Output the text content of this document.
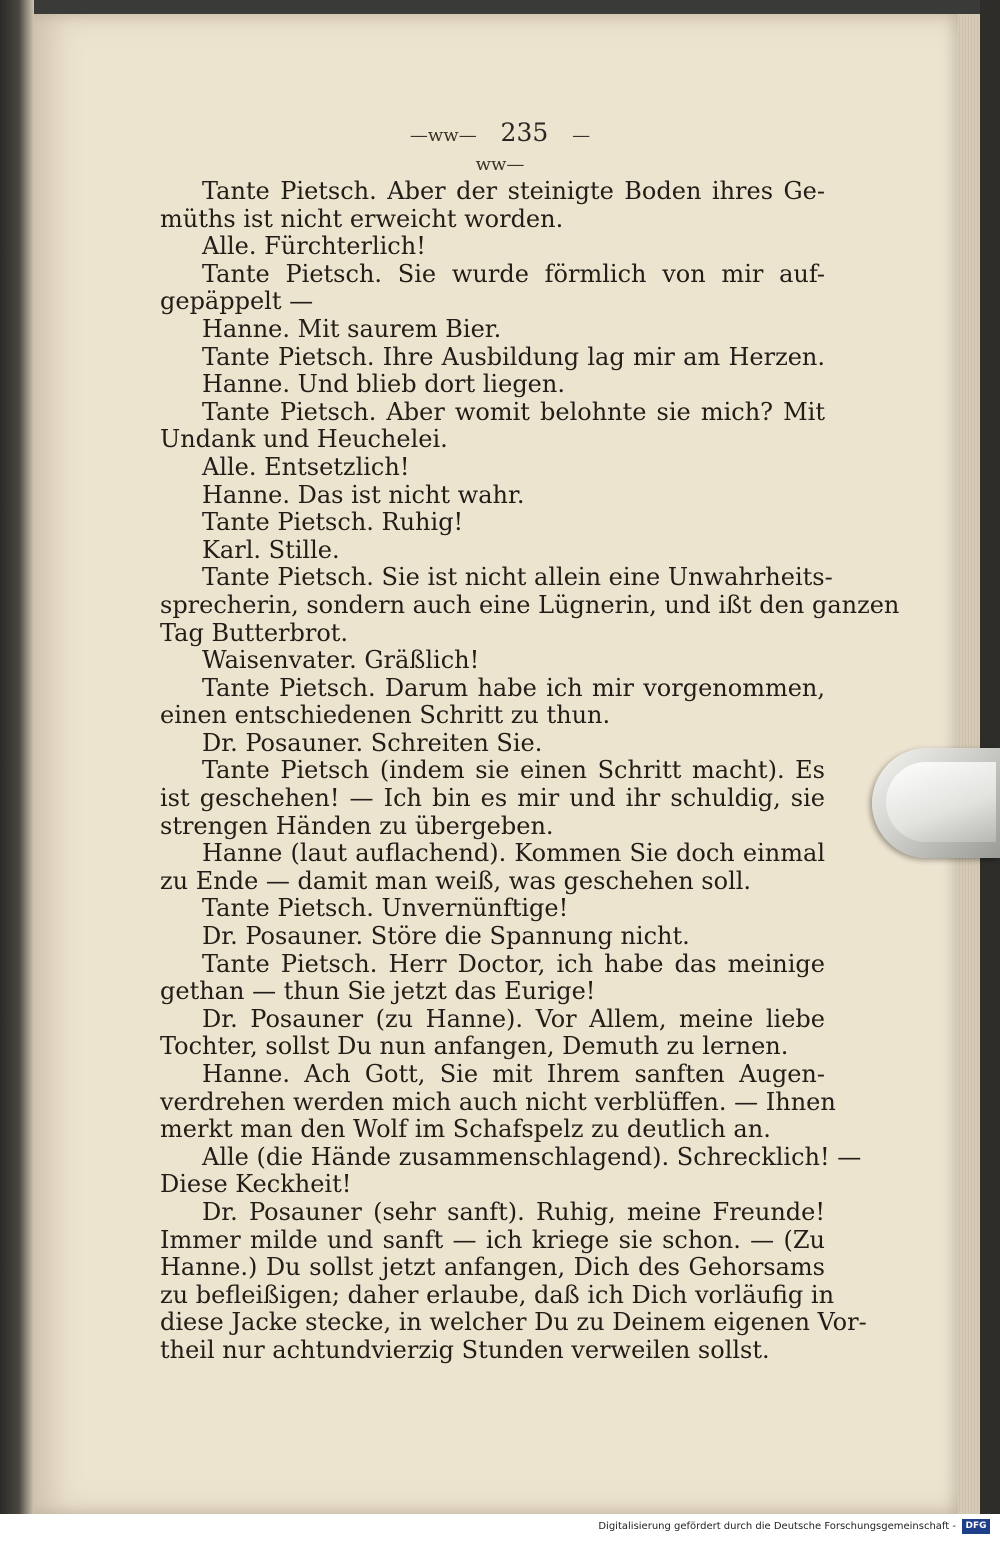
—ww— 235 —ww—
Tante Pietsch. Aber der steinigte Boden ihres Ge-
müths ist nicht erweicht worden.
Alle. Fürchterlich!
Tante Pietsch. Sie wurde förmlich von mir auf-
gepäppelt —
Hanne. Mit saurem Bier.
Tante Pietsch. Ihre Ausbildung lag mir am Herzen.
Hanne. Und blieb dort liegen.
Tante Pietsch. Aber womit belohnte sie mich? Mit
Undank und Heuchelei.
Alle. Entsetzlich!
Hanne. Das ist nicht wahr.
Tante Pietsch. Ruhig!
Karl. Stille.
Tante Pietsch. Sie ist nicht allein eine Unwahrheits-
sprecherin, sondern auch eine Lügnerin, und ißt den ganzen
Tag Butterbrot.
Waisenvater. Gräßlich!
Tante Pietsch. Darum habe ich mir vorgenommen,
einen entschiedenen Schritt zu thun.
Dr. Posauner. Schreiten Sie.
Tante Pietsch (indem sie einen Schritt macht). Es
ist geschehen! — Ich bin es mir und ihr schuldig, sie
strengen Händen zu übergeben.
Hanne (laut auflachend). Kommen Sie doch einmal
zu Ende — damit man weiß, was geschehen soll.
Tante Pietsch. Unvernünftige!
Dr. Posauner. Störe die Spannung nicht.
Tante Pietsch. Herr Doctor, ich habe das meinige
gethan — thun Sie jetzt das Eurige!
Dr. Posauner (zu Hanne). Vor Allem, meine liebe
Tochter, sollst Du nun anfangen, Demuth zu lernen.
Hanne. Ach Gott, Sie mit Ihrem sanften Augen-
verdrehen werden mich auch nicht verblüffen. — Ihnen
merkt man den Wolf im Schafspelz zu deutlich an.
Alle (die Hände zusammenschlagend). Schrecklich! —
Diese Keckheit!
Dr. Posauner (sehr sanft). Ruhig, meine Freunde!
Immer milde und sanft — ich kriege sie schon. — (Zu
Hanne.) Du sollst jetzt anfangen, Dich des Gehorsams
zu befleißigen; daher erlaube, daß ich Dich vorläufig in
diese Jacke stecke, in welcher Du zu Deinem eigenen Vor-
theil nur achtundvierzig Stunden verweilen sollst.
Digitalisierung gefördert durch die Deutsche Forschungsgemeinschaft -	DFG
